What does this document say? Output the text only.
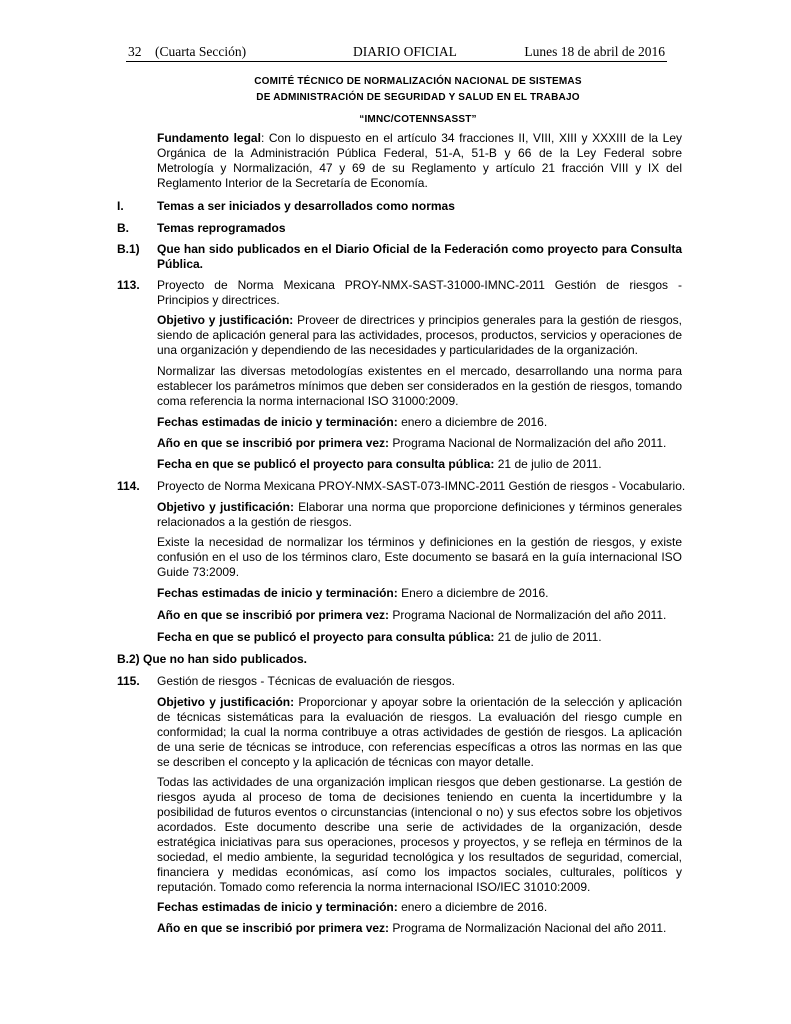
32 (Cuarta Sección)	DIARIO OFICIAL	Lunes 18 de abril de 2016
COMITÉ TÉCNICO DE NORMALIZACIÓN NACIONAL DE SISTEMAS
DE ADMINISTRACIÓN DE SEGURIDAD Y SALUD EN EL TRABAJO
“IMNC/COTENNSASST”
Fundamento legal: Con lo dispuesto en el artículo 34 fracciones II, VIII, XIII y XXXIII de la Ley Orgánica de la Administración Pública Federal, 51-A, 51-B y 66 de la Ley Federal sobre Metrología y Normalización, 47 y 69 de su Reglamento y artículo 21 fracción VIII y IX del Reglamento Interior de la Secretaría de Economía.
I.	Temas a ser iniciados y desarrollados como normas
B. Temas reprogramados
B.1) Que han sido publicados en el Diario Oficial de la Federación como proyecto para Consulta Pública.
113. Proyecto de Norma Mexicana PROY-NMX-SAST-31000-IMNC-2011 Gestión de riesgos - Principios y directrices.
Objetivo y justificación: Proveer de directrices y principios generales para la gestión de riesgos, siendo de aplicación general para las actividades, procesos, productos, servicios y operaciones de una organización y dependiendo de las necesidades y particularidades de la organización.
Normalizar las diversas metodologías existentes en el mercado, desarrollando una norma para establecer los parámetros mínimos que deben ser considerados en la gestión de riesgos, tomando coma referencia la norma internacional ISO 31000:2009.
Fechas estimadas de inicio y terminación: enero a diciembre de 2016.
Año en que se inscribió por primera vez: Programa Nacional de Normalización del año 2011.
Fecha en que se publicó el proyecto para consulta pública: 21 de julio de 2011.
114. Proyecto de Norma Mexicana PROY-NMX-SAST-073-IMNC-2011 Gestión de riesgos - Vocabulario.
Objetivo y justificación: Elaborar una norma que proporcione definiciones y términos generales relacionados a la gestión de riesgos.
Existe la necesidad de normalizar los términos y definiciones en la gestión de riesgos, y existe confusión en el uso de los términos claro, Este documento se basará en la guía internacional ISO Guide 73:2009.
Fechas estimadas de inicio y terminación: Enero a diciembre de 2016.
Año en que se inscribió por primera vez: Programa Nacional de Normalización del año 2011.
Fecha en que se publicó el proyecto para consulta pública: 21 de julio de 2011.
B.2) Que no han sido publicados.
115. Gestión de riesgos - Técnicas de evaluación de riesgos.
Objetivo y justificación: Proporcionar y apoyar sobre la orientación de la selección y aplicación de técnicas sistemáticas para la evaluación de riesgos. La evaluación del riesgo cumple en conformidad; la cual la norma contribuye a otras actividades de gestión de riesgos. La aplicación de una serie de técnicas se introduce, con referencias específicas a otros las normas en las que se describen el concepto y la aplicación de técnicas con mayor detalle.
Todas las actividades de una organización implican riesgos que deben gestionarse. La gestión de riesgos ayuda al proceso de toma de decisiones teniendo en cuenta la incertidumbre y la posibilidad de futuros eventos o circunstancias (intencional o no) y sus efectos sobre los objetivos acordados. Este documento describe una serie de actividades de la organización, desde estratégica iniciativas para sus operaciones, procesos y proyectos, y se refleja en términos de la sociedad, el medio ambiente, la seguridad tecnológica y los resultados de seguridad, comercial, financiera y medidas económicas, así como los impactos sociales, culturales, políticos y reputación. Tomado como referencia la norma internacional ISO/IEC 31010:2009.
Fechas estimadas de inicio y terminación: enero a diciembre de 2016.
Año en que se inscribió por primera vez: Programa de Normalización Nacional del año 2011.
